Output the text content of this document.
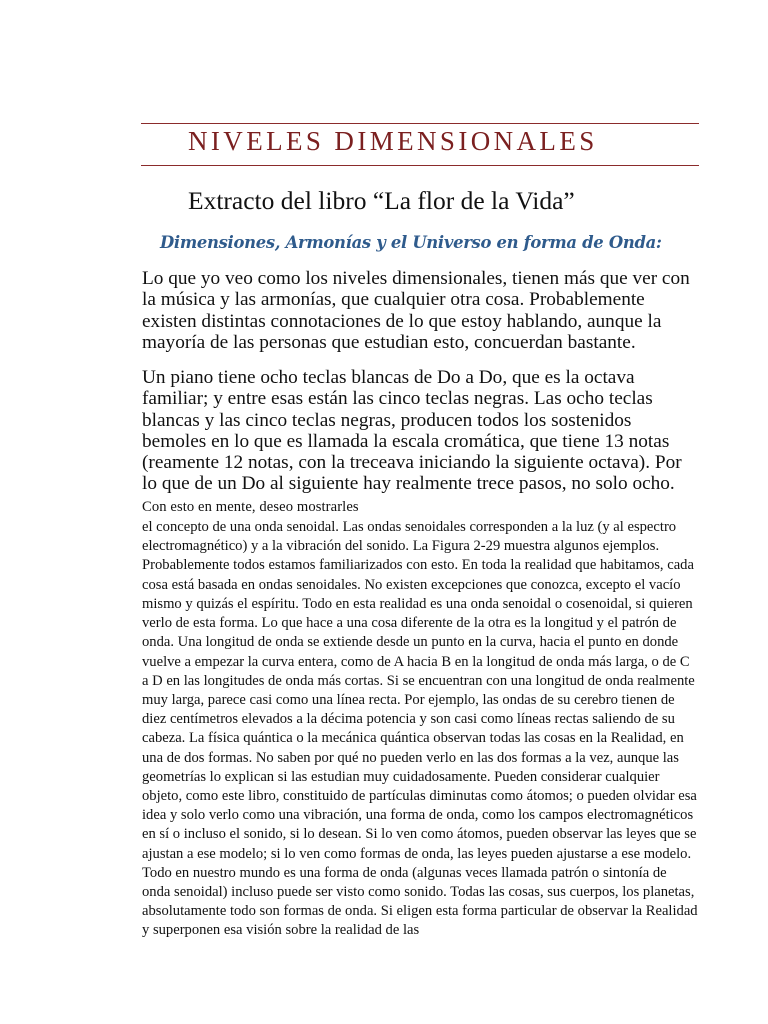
NIVELES DIMENSIONALES
Extracto del libro “La flor de la Vida”
Dimensiones, Armonías y el Universo en forma de Onda:

Lo que yo veo como los niveles dimensionales, tienen más que ver con la música y las armonías, que cualquier otra cosa. Probablemente existen distintas connotaciones de lo que estoy hablando, aunque la mayoría de las personas que estudian esto, concuerdan bastante.

Un piano tiene ocho teclas blancas de Do a Do, que es la octava familiar; y entre esas están las cinco teclas negras. Las ocho teclas blancas y las cinco teclas negras, producen todos los sostenidos bemoles en lo que es llamada la escala cromática, que tiene 13 notas (reamente 12 notas, con la treceava iniciando la siguiente octava). Por lo que de un Do al siguiente hay realmente trece pasos, no solo ocho. Con esto en mente, deseo mostrarles
el concepto de una onda senoidal. Las ondas senoidales corresponden a la luz (y al espectro electromagnético) y a la vibración del sonido. La Figura 2-29 muestra algunos ejemplos. Probablemente todos estamos familiarizados con esto. En toda la realidad que habitamos, cada cosa está basada en ondas senoidales. No existen excepciones que conozca, excepto el vacío mismo y quizás el espíritu. Todo en esta realidad es una onda senoidal o cosenoidal, si quieren verlo de esta forma. Lo que hace a una cosa diferente de la otra es la longitud y el patrón de onda. Una longitud de onda se extiende desde un punto en la curva, hacia el punto en donde vuelve a empezar la curva entera, como de A hacia B en la longitud de onda más larga, o de C a D en las longitudes de onda más cortas. Si se encuentran con una longitud de onda realmente muy larga, parece casi como una línea recta. Por ejemplo, las ondas de su cerebro tienen de diez centímetros elevados a la décima potencia y son casi como líneas rectas saliendo de su cabeza. La física quántica o la mecánica quántica observan todas las cosas en la Realidad, en una de dos formas. No saben por qué no pueden verlo en las dos formas a la vez, aunque las geometrías lo explican si las estudian muy cuidadosamente. Pueden considerar cualquier objeto, como este libro, constituido de partículas diminutas como átomos; o pueden olvidar esa idea y solo verlo como una vibración, una forma de onda, como los campos electromagnéticos en sí o incluso el sonido, si lo desean. Si lo ven como átomos, pueden observar las leyes que se ajustan a ese modelo; si lo ven como formas de onda, las leyes pueden ajustarse a ese modelo. Todo en nuestro mundo es una forma de onda (algunas veces llamada patrón o sintonía de onda senoidal) incluso puede ser visto como sonido. Todas las cosas, sus cuerpos, los planetas, absolutamente todo son formas de onda. Si eligen esta forma particular de observar la Realidad y superponen esa visión sobre la realidad de las
